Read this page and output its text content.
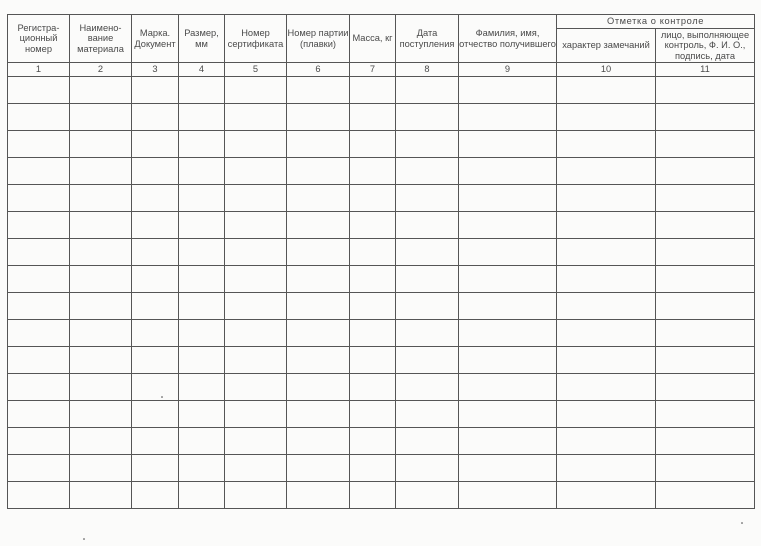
Регистра-ционный номер	Наимено-вание материала	Марка. Документ	Размер, мм	Номер сертификата	Номер партии (плавки)	Масса, кг	Дата поступления	Фамилия, имя, отчество получившего	Отметка о контроле	
									характер замечаний	лицо, выполняющее контроль, Ф. И. О., подпись, дата
1	2	3	4	5	6	7	8	9	10	11
